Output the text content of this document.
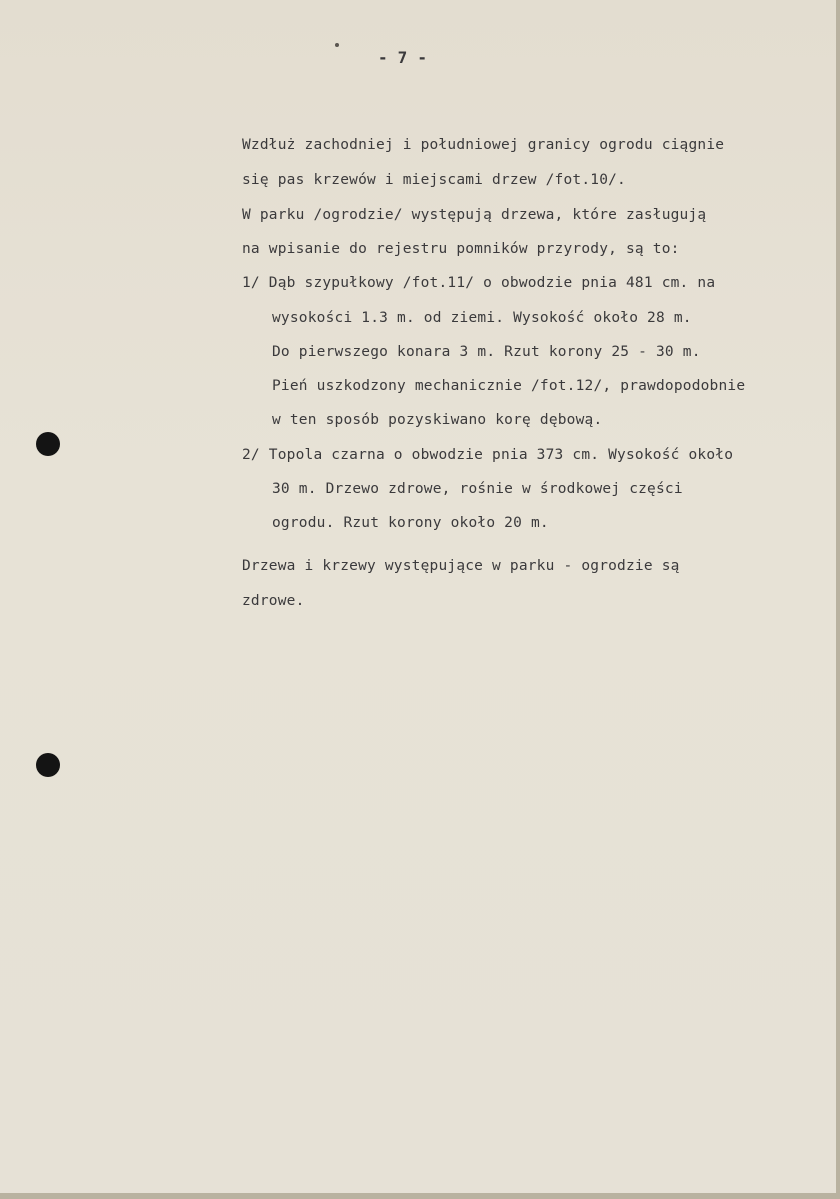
- 7 -

Wzdłuż zachodniej i południowej granicy ogrodu ciągnie

się pas krzewów i miejscami drzew /fot.10/.

W parku /ogrodzie/ występują drzewa, które zasługują

na wpisanie do rejestru pomników przyrody, są to:

1/ Dąb szypułkowy /fot.11/ o obwodzie pnia 481 cm. na

wysokości 1.3 m. od ziemi. Wysokość około 28 m.

Do pierwszego konara 3 m. Rzut korony 25 - 30 m.

Pień uszkodzony mechanicznie /fot.12/, prawdopodobnie

w ten sposób pozyskiwano korę dębową.

2/ Topola czarna o obwodzie pnia 373 cm. Wysokość około

30 m. Drzewo zdrowe, rośnie w środkowej części

ogrodu. Rzut korony około 20 m.

Drzewa i krzewy występujące w parku - ogrodzie są

zdrowe.
